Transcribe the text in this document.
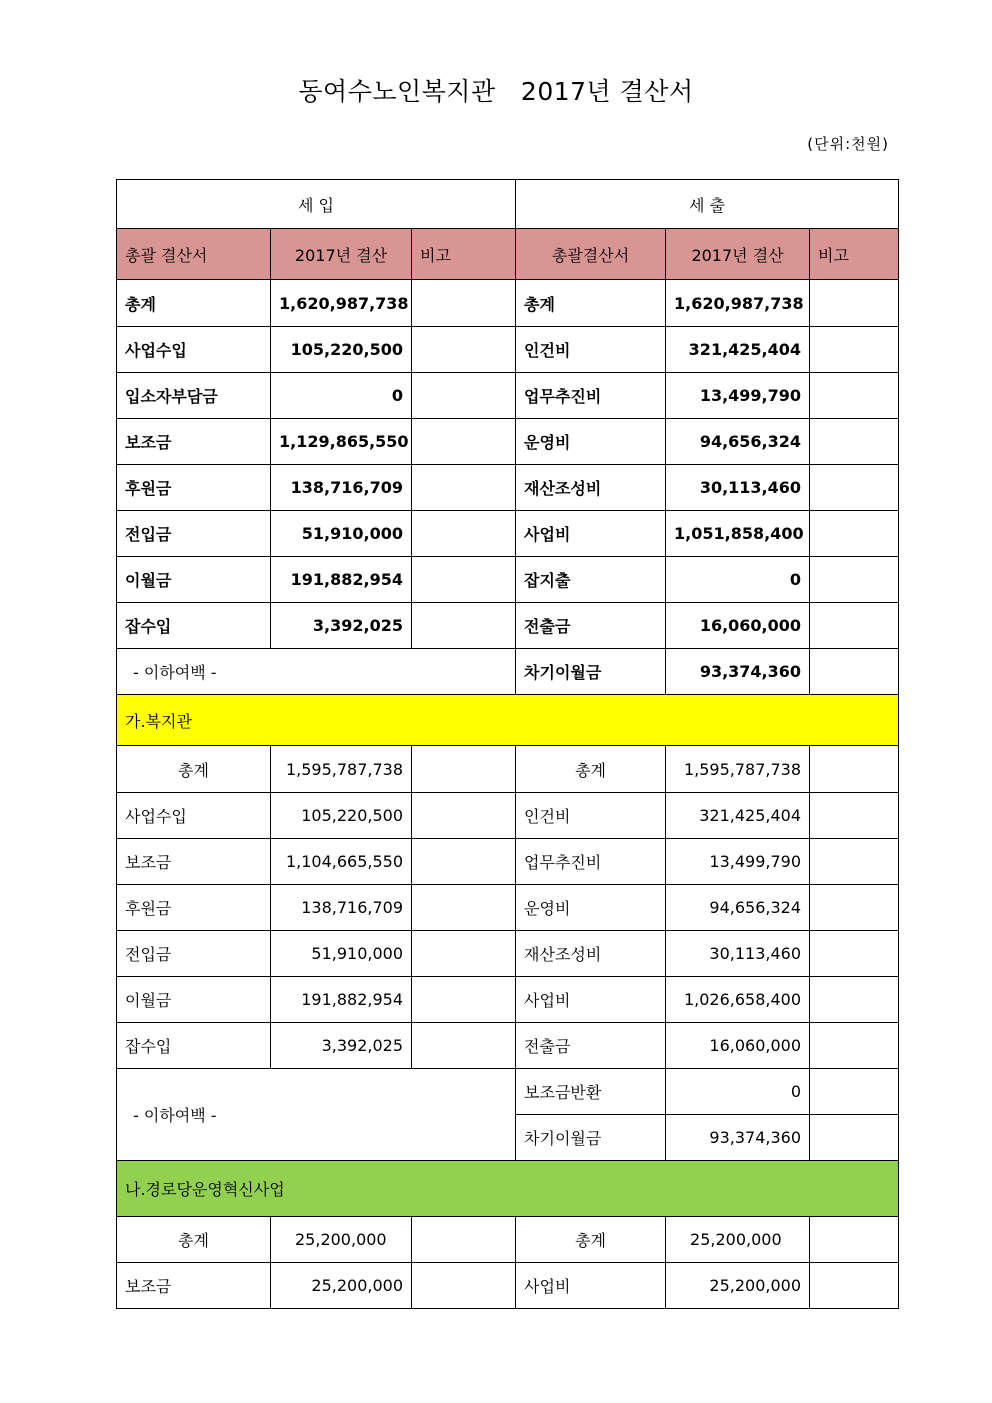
동여수노인복지관   2017년 결산서
(단위:천원)
세 입			세 출		
총괄 결산서	2017년 결산	비고	총괄결산서	2017년 결산	비고
총계	1,620,987,738		총계	1,620,987,738	
사업수입	105,220,500		인건비	321,425,404	
입소자부담금	0		업무추진비	13,499,790	
보조금	1,129,865,550		운영비	94,656,324	
후원금	138,716,709		재산조성비	30,113,460	
전입금	51,910,000		사업비	1,051,858,400	
이월금	191,882,954		잡지출	0	
잡수입	3,392,025		전출금	16,060,000	
- 이하여백 -			차기이월금	93,374,360	
가.복지관					
총계	1,595,787,738		총계	1,595,787,738	
사업수입	105,220,500		인건비	321,425,404	
보조금	1,104,665,550		업무추진비	13,499,790	
후원금	138,716,709		운영비	94,656,324	
전입금	51,910,000		재산조성비	30,113,460	
이월금	191,882,954		사업비	1,026,658,400	
잡수입	3,392,025		전출금	16,060,000	
- 이하여백 -			보조금반환	0	
			차기이월금	93,374,360	
나.경로당운영혁신사업					
총계	25,200,000		총계	25,200,000	
보조금	25,200,000		사업비	25,200,000	
